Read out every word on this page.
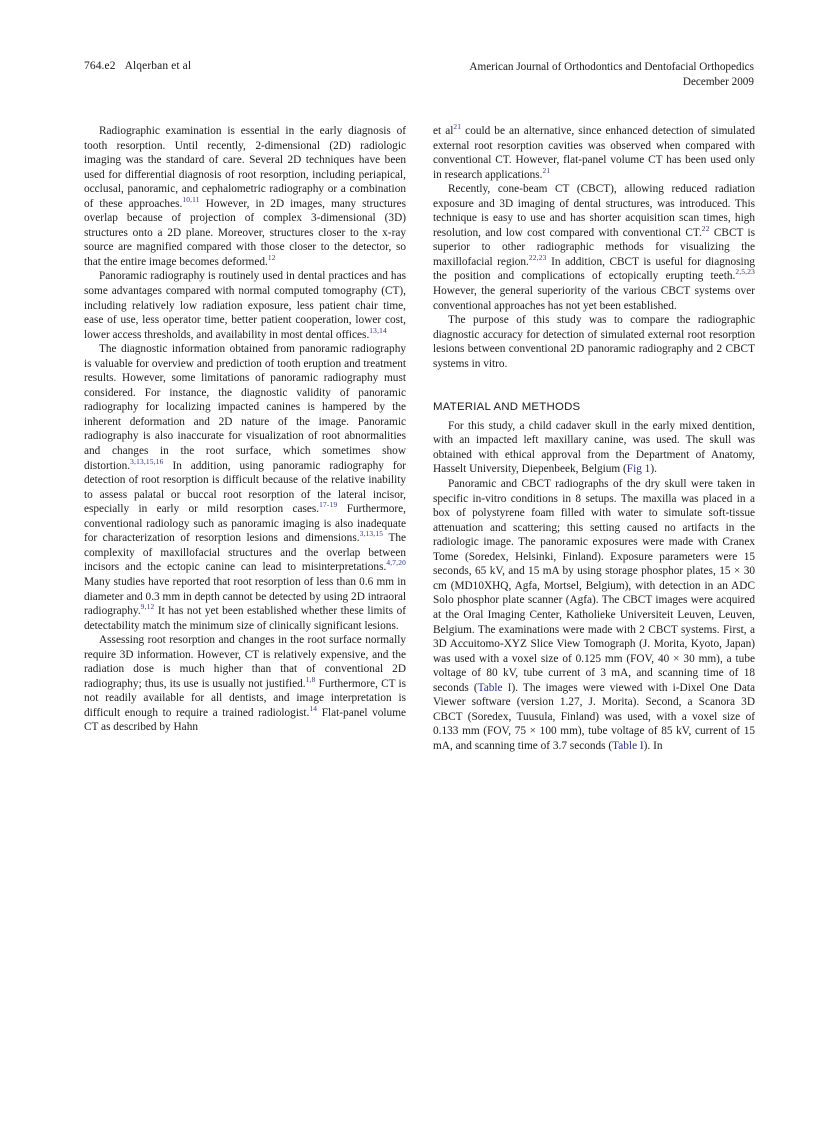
764.e2 Alqerban et al	American Journal of Orthodontics and Dentofacial Orthopedics
December 2009

Radiographic examination is essential in the early diagnosis of tooth resorption. Until recently, 2-dimensional (2D) radiologic imaging was the standard of care. Several 2D techniques have been used for differential diagnosis of root resorption, including periapical, occlusal, panoramic, and cephalometric radiography or a combination of these approaches.$^{10,11}$ However, in 2D images, many structures overlap because of projection of complex 3-dimensional (3D) structures onto a 2D plane. Moreover, structures closer to the x-ray source are magnified compared with those closer to the detector, so that the entire image becomes deformed.$^{12}$

Panoramic radiography is routinely used in dental practices and has some advantages compared with normal computed tomography (CT), including relatively low radiation exposure, less patient chair time, ease of use, less operator time, better patient cooperation, lower cost, lower access thresholds, and availability in most dental offices.$^{13,14}$

The diagnostic information obtained from panoramic radiography is valuable for overview and prediction of tooth eruption and treatment results. However, some limitations of panoramic radiography must considered. For instance, the diagnostic validity of panoramic radiography for localizing impacted canines is hampered by the inherent deformation and 2D nature of the image. Panoramic radiography is also inaccurate for visualization of root abnormalities and changes in the root surface, which sometimes show distortion.$^{3,13,15,16}$ In addition, using panoramic radiography for detection of root resorption is difficult because of the relative inability to assess palatal or buccal root resorption of the lateral incisor, especially in early or mild resorption cases.$^{17-19}$ Furthermore, conventional radiology such as panoramic imaging is also inadequate for characterization of resorption lesions and dimensions.$^{3,13,15}$ The complexity of maxillofacial structures and the overlap between incisors and the ectopic canine can lead to misinterpretations.$^{4,7,20}$ Many studies have reported that root resorption of less than 0.6 mm in diameter and 0.3 mm in depth cannot be detected by using 2D intraoral radiography.$^{9,12}$ It has not yet been established whether these limits of detectability match the minimum size of clinically significant lesions.

Assessing root resorption and changes in the root surface normally require 3D information. However, CT is relatively expensive, and the radiation dose is much higher than that of conventional 2D radiography; thus, its use is usually not justified.$^{1,8}$ Furthermore, CT is not readily available for all dentists, and image interpretation is difficult enough to require a trained radiologist.$^{14}$ Flat-panel volume CT as described by Hahn

et al$^{21}$ could be an alternative, since enhanced detection of simulated external root resorption cavities was observed when compared with conventional CT. However, flat-panel volume CT has been used only in research applications.$^{21}$

Recently, cone-beam CT (CBCT), allowing reduced radiation exposure and 3D imaging of dental structures, was introduced. This technique is easy to use and has shorter acquisition scan times, high resolution, and low cost compared with conventional CT.$^{22}$ CBCT is superior to other radiographic methods for visualizing the maxillofacial region.$^{22,23}$ In addition, CBCT is useful for diagnosing the position and complications of ectopically erupting teeth.$^{2,5,23}$ However, the general superiority of the various CBCT systems over conventional approaches has not yet been established.

The purpose of this study was to compare the radiographic diagnostic accuracy for detection of simulated external root resorption lesions between conventional 2D panoramic radiography and 2 CBCT systems in vitro.

MATERIAL AND METHODS

For this study, a child cadaver skull in the early mixed dentition, with an impacted left maxillary canine, was used. The skull was obtained with ethical approval from the Department of Anatomy, Hasselt University, Diepenbeek, Belgium (Fig 1).

Panoramic and CBCT radiographs of the dry skull were taken in specific in-vitro conditions in 8 setups. The maxilla was placed in a box of polystyrene foam filled with water to simulate soft-tissue attenuation and scattering; this setting caused no artifacts in the radiologic image. The panoramic exposures were made with Cranex Tome (Soredex, Helsinki, Finland). Exposure parameters were 15 seconds, 65 kV, and 15 mA by using storage phosphor plates, 15 × 30 cm (MD10XHQ, Agfa, Mortsel, Belgium), with detection in an ADC Solo phosphor plate scanner (Agfa). The CBCT images were acquired at the Oral Imaging Center, Katholieke Universiteit Leuven, Leuven, Belgium. The examinations were made with 2 CBCT systems. First, a 3D Accuitomo-XYZ Slice View Tomograph (J. Morita, Kyoto, Japan) was used with a voxel size of 0.125 mm (FOV, 40 × 30 mm), a tube voltage of 80 kV, tube current of 3 mA, and scanning time of 18 seconds (Table I). The images were viewed with i-Dixel One Data Viewer software (version 1.27, J. Morita). Second, a Scanora 3D CBCT (Soredex, Tuusula, Finland) was used, with a voxel size of 0.133 mm (FOV, 75 × 100 mm), tube voltage of 85 kV, current of 15 mA, and scanning time of 3.7 seconds (Table I). In
